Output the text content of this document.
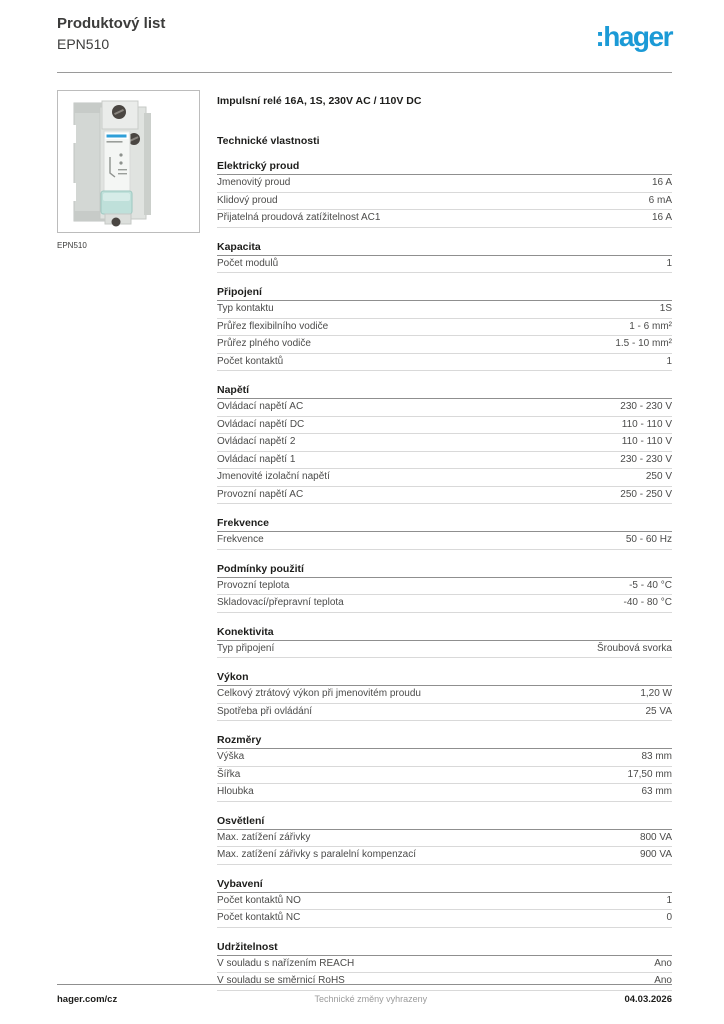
Produktový list
EPN510	:hager
EPN510
Impulsní relé 16A, 1S, 230V AC / 110V DC
Technické vlastnosti
Elektrický proud
Jmenovitý proud	16 A
Klidový proud	6 mA
Přijatelná proudová zatížitelnost AC1	16 A
Kapacita
Počet modulů	1
Připojení
Typ kontaktu	1S
Průřez flexibilního vodiče	1 - 6 mm²
Průřez plného vodiče	1.5 - 10 mm²
Počet kontaktů	1
Napětí
Ovládací napětí AC	230 - 230 V
Ovládací napětí DC	110 - 110 V
Ovládací napětí 2	110 - 110 V
Ovládací napětí 1	230 - 230 V
Jmenovité izolační napětí	250 V
Provozní napětí AC	250 - 250 V
Frekvence
Frekvence	50 - 60 Hz
Podmínky použití
Provozní teplota	-5 - 40 °C
Skladovací/přepravní teplota	-40 - 80 °C
Konektivita
Typ připojení	Šroubová svorka
Výkon
Celkový ztrátový výkon při jmenovitém proudu	1,20 W
Spotřeba při ovládání	25 VA
Rozměry
Výška	83 mm
Šířka	17,50 mm
Hloubka	63 mm
Osvětlení
Max. zatížení zářivky	800 VA
Max. zatížení zářivky s paralelní kompenzací	900 VA
Vybavení
Počet kontaktů NO	1
Počet kontaktů NC	0
Udržitelnost
V souladu s nařízením REACH	Ano
V souladu se směrnicí RoHS	Ano
hager.com/cz	Technické změny vyhrazeny	04.03.2026
